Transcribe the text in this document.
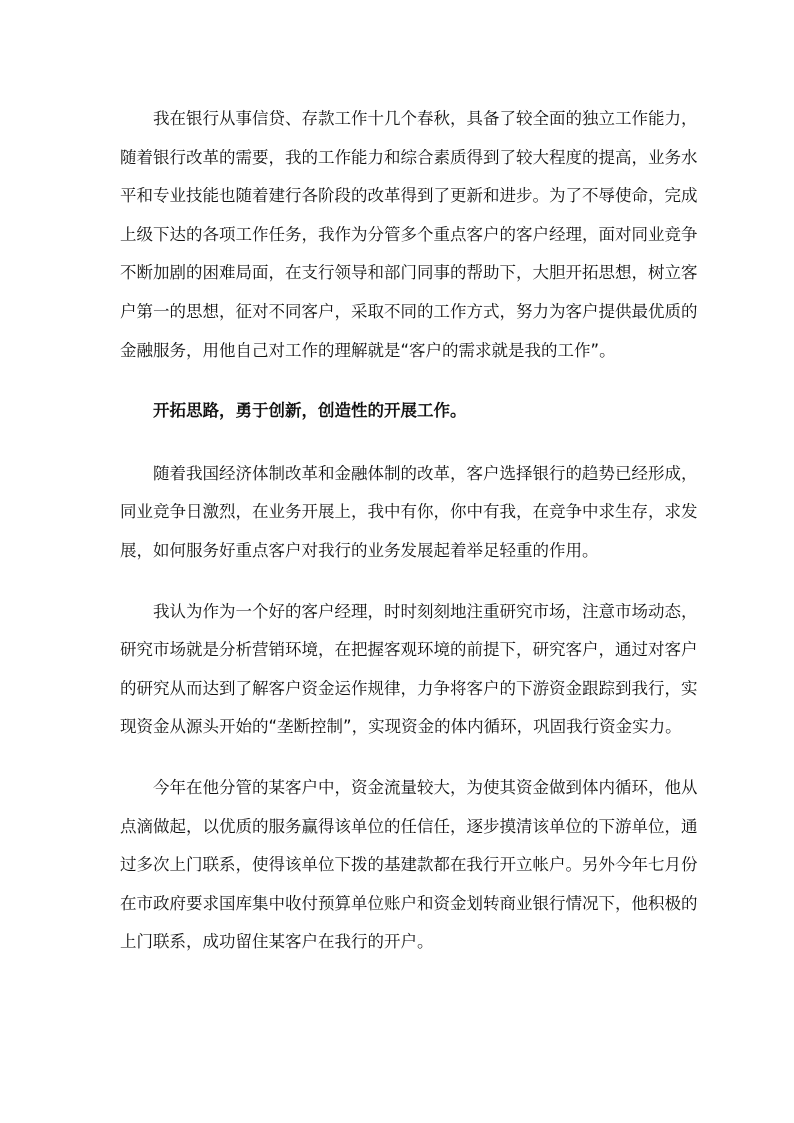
我在银行从事信贷、存款工作十几个春秋，具备了较全面的独立工作能力，
随着银行改革的需要，我的工作能力和综合素质得到了较大程度的提高，业务水
平和专业技能也随着建行各阶段的改革得到了更新和进步。为了不辱使命，完成
上级下达的各项工作任务，我作为分管多个重点客户的客户经理，面对同业竞争
不断加剧的困难局面，在支行领导和部门同事的帮助下，大胆开拓思想，树立客
户第一的思想，征对不同客户，采取不同的工作方式，努力为客户提供最优质的
金融服务，用他自己对工作的理解就是“客户的需求就是我的工作”。
开拓思路，勇于创新，创造性的开展工作。
随着我国经济体制改革和金融体制的改革，客户选择银行的趋势已经形成，
同业竞争日激烈，在业务开展上，我中有你，你中有我，在竞争中求生存，求发
展，如何服务好重点客户对我行的业务发展起着举足轻重的作用。
我认为作为一个好的客户经理，时时刻刻地注重研究市场，注意市场动态，
研究市场就是分析营销环境，在把握客观环境的前提下，研究客户，通过对客户
的研究从而达到了解客户资金运作规律，力争将客户的下游资金跟踪到我行，实
现资金从源头开始的“垄断控制”，实现资金的体内循环，巩固我行资金实力。
今年在他分管的某客户中，资金流量较大，为使其资金做到体内循环，他从
点滴做起，以优质的服务赢得该单位的任信任，逐步摸清该单位的下游单位，通
过多次上门联系，使得该单位下拨的基建款都在我行开立帐户。另外今年七月份
在市政府要求国库集中收付预算单位账户和资金划转商业银行情况下，他积极的
上门联系，成功留住某客户在我行的开户。
